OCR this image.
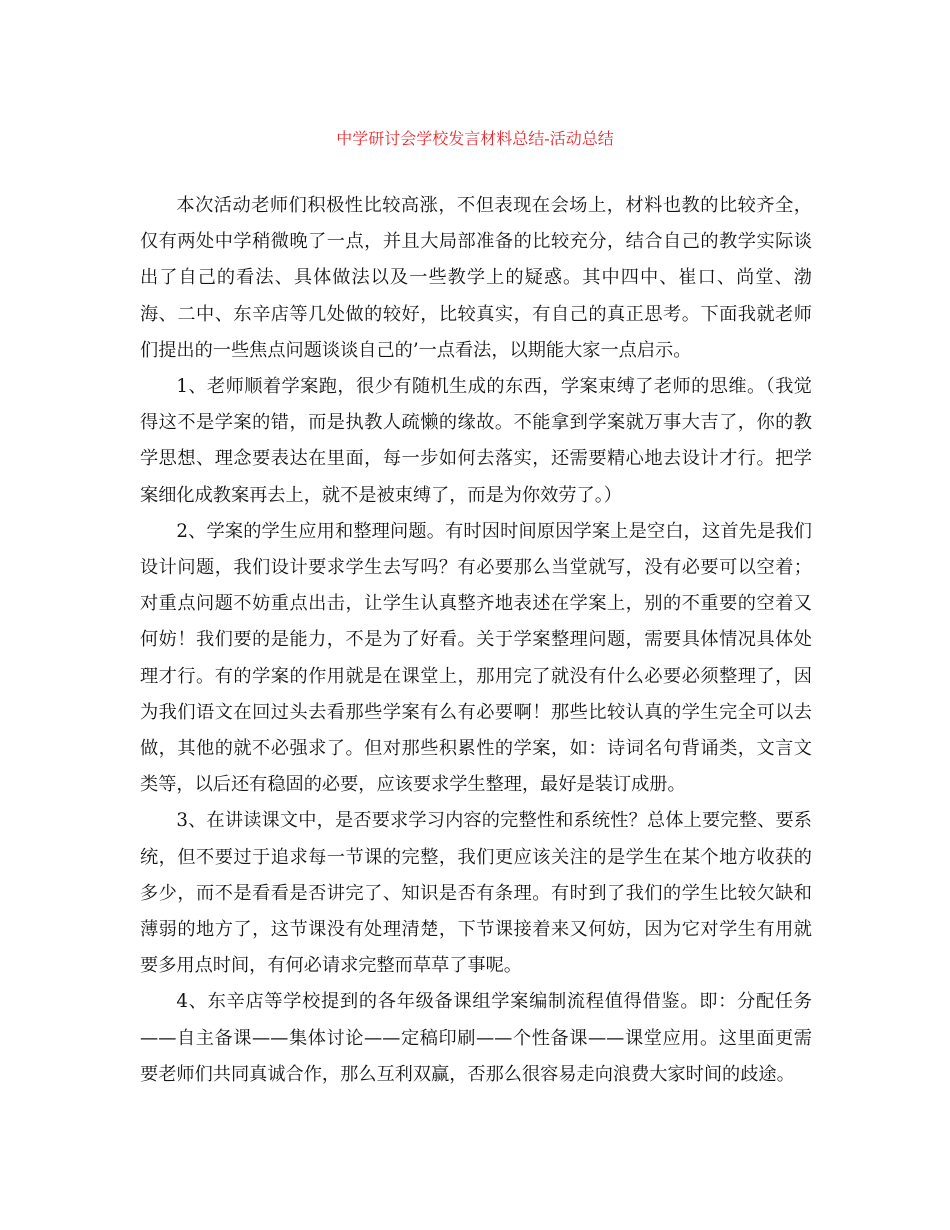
中学研讨会学校发言材料总结-活动总结

本次活动老师们积极性比较高涨，不但表现在会场上，材料也教的比较齐全，仅有两处中学稍微晚了一点，并且大局部准备的比较充分，结合自己的教学实际谈出了自己的看法、具体做法以及一些教学上的疑惑。其中四中、崔口、尚堂、渤海、二中、东辛店等几处做的较好，比较真实，有自己的真正思考。下面我就老师们提出的一些焦点问题谈谈自己的’一点看法，以期能大家一点启示。

1、老师顺着学案跑，很少有随机生成的东西，学案束缚了老师的思维。（我觉得这不是学案的错，而是执教人疏懒的缘故。不能拿到学案就万事大吉了，你的教学思想、理念要表达在里面，每一步如何去落实，还需要精心地去设计才行。把学案细化成教案再去上，就不是被束缚了，而是为你效劳了。）

2、学案的学生应用和整理问题。有时因时间原因学案上是空白，这首先是我们设计问题，我们设计要求学生去写吗？有必要那么当堂就写，没有必要可以空着；对重点问题不妨重点出击，让学生认真整齐地表述在学案上，别的不重要的空着又何妨！我们要的是能力，不是为了好看。关于学案整理问题，需要具体情况具体处理才行。有的学案的作用就是在课堂上，那用完了就没有什么必要必须整理了，因为我们语文在回过头去看那些学案有么有必要啊！那些比较认真的学生完全可以去做，其他的就不必强求了。但对那些积累性的学案，如：诗词名句背诵类，文言文类等，以后还有稳固的必要，应该要求学生整理，最好是装订成册。

3、在讲读课文中，是否要求学习内容的完整性和系统性？总体上要完整、要系统，但不要过于追求每一节课的完整，我们更应该关注的是学生在某个地方收获的多少，而不是看看是否讲完了、知识是否有条理。有时到了我们的学生比较欠缺和薄弱的地方了，这节课没有处理清楚，下节课接着来又何妨，因为它对学生有用就要多用点时间，有何必请求完整而草草了事呢。

4、东辛店等学校提到的各年级备课组学案编制流程值得借鉴。即：分配任务——自主备课——集体讨论——定稿印刷——个性备课——课堂应用。这里面更需要老师们共同真诚合作，那么互利双赢，否那么很容易走向浪费大家时间的歧途。
